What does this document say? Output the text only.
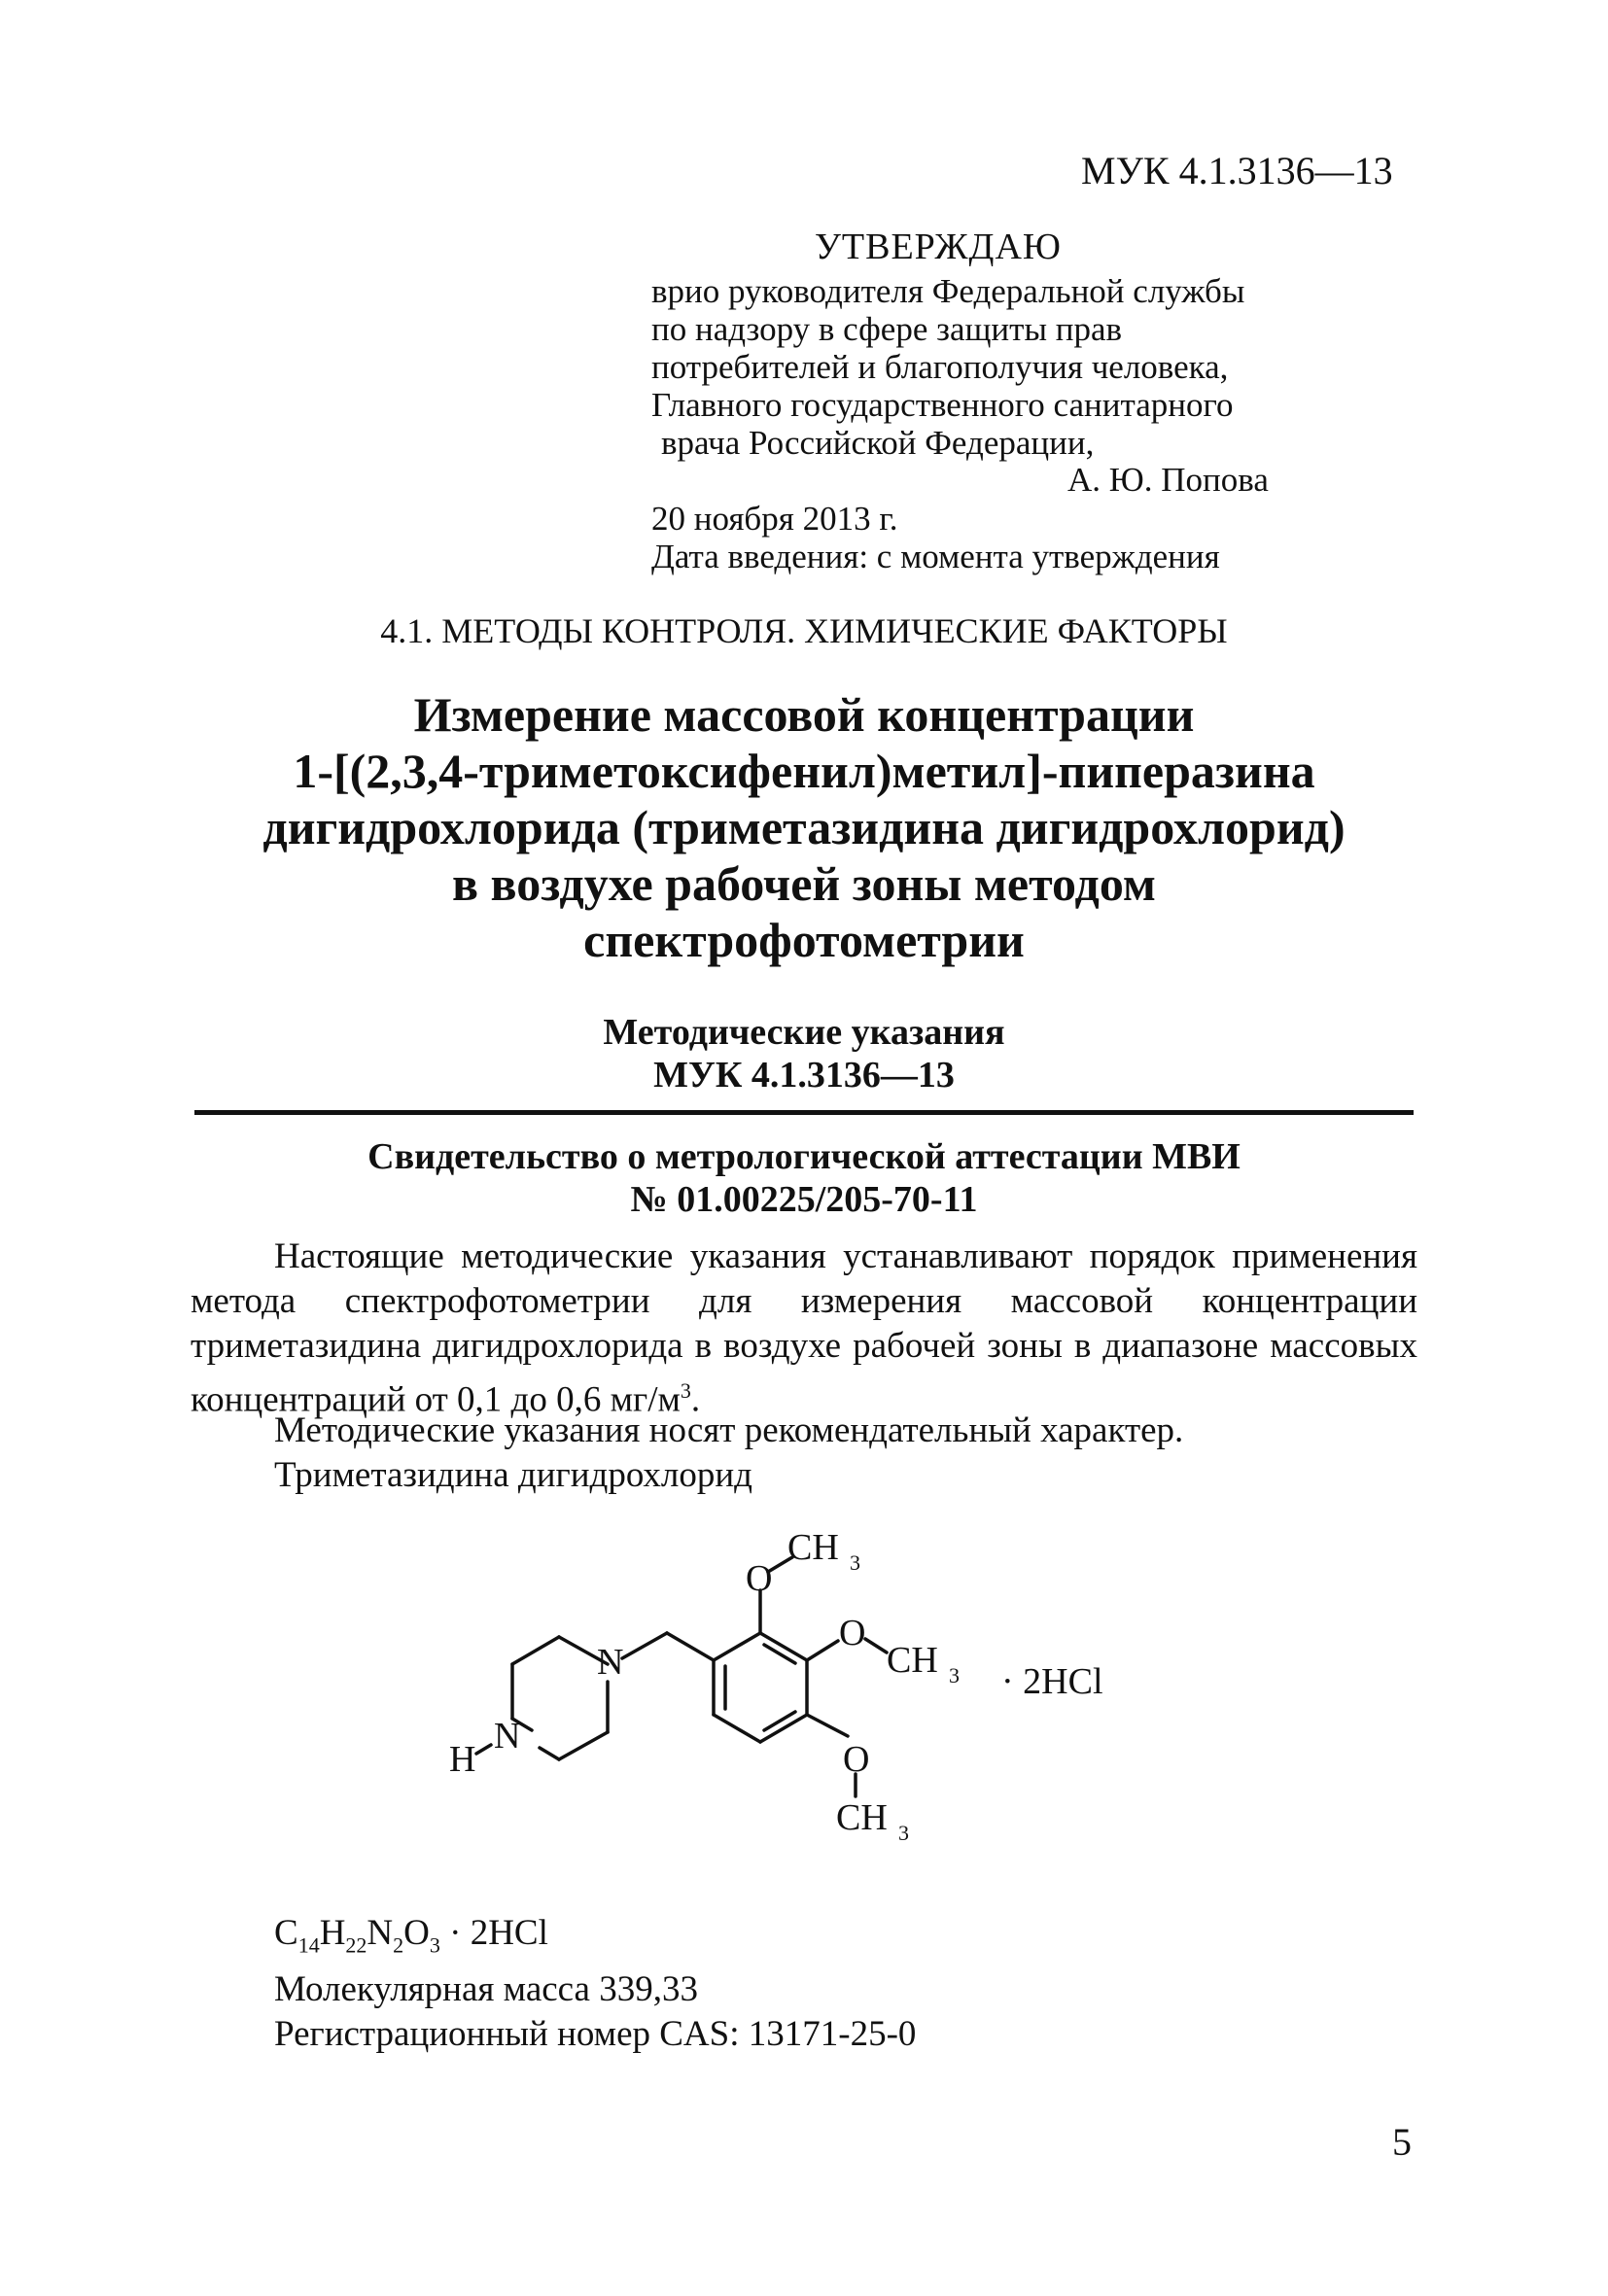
МУК 4.1.3136—13
УТВЕРЖДАЮ
врио руководителя Федеральной службы
по надзору в сфере защиты прав
потребителей и благополучия человека,
Главного государственного санитарного
врача Российской Федерации,
А. Ю. Попова
20 ноября 2013 г.
Дата введения: с момента утверждения
4.1. МЕТОДЫ КОНТРОЛЯ. ХИМИЧЕСКИЕ ФАКТОРЫ
Измерение массовой концентрации
1-[(2,3,4-триметоксифенил)метил]-пиперазина
дигидрохлорида (триметазидина дигидрохлорид)
в воздухе рабочей зоны методом
спектрофотометрии
Методические указания
МУК 4.1.3136—13
Свидетельство о метрологической аттестации МВИ
№ 01.00225/205-70-11
Настоящие методические указания устанавливают порядок применения метода спектрофотометрии для измерения массовой концентрации триметазидина дигидрохлорида в воздухе рабочей зоны в диапазоне массовых концентраций от 0,1 до 0,6 $мг/м^3$.
Методические указания носят рекомендательный характер.
Триметазидина дигидрохлорид
O
CH 3
O
CH 3
O
CH 3
N
N
H
· 2HCl
$C_{14}H_{22}N_2O_3 \cdot 2HCl$
Молекулярная масса 339,33
Регистрационный номер CAS: 13171-25-0
5
